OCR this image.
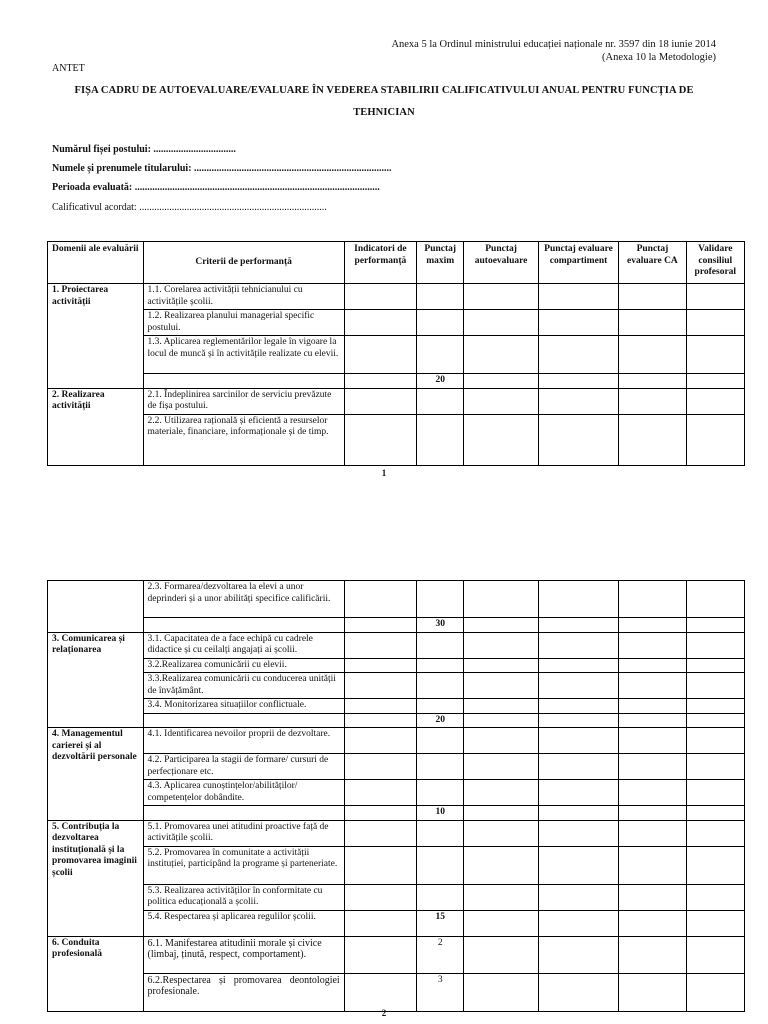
Anexa 5 la Ordinul ministrului educației naționale nr. 3597 din 18 iunie 2014
(Anexa 10 la Metodologie)
ANTET
FIȘA CADRU DE AUTOEVALUARE/EVALUARE ÎN VEDEREA STABILIRII CALIFICATIVULUI ANUAL PENTRU FUNCȚIA DE
TEHNICIAN
Numărul fișei postului: .................................
Numele și prenumele titularului: ...............................................................................
Perioada evaluată: ..................................................................................................
Calificativul acordat: ...........................................................................
Domenii ale evaluării	Criterii de performanță	Indicatori de performanță	Punctaj maxim	Punctaj autoevaluare	Punctaj evaluare compartiment	Punctaj evaluare CA	Validare consiliul profesoral
1. Proiectarea activității	1.1. Corelarea activității tehnicianului cu activitățile școlii.						
	1.2. Realizarea planului managerial specific postului.						
	1.3. Aplicarea reglementărilor legale în vigoare la locul de muncă și în activitățile realizate cu elevii.						
			20				
2. Realizarea activității	2.1. Îndeplinirea sarcinilor de serviciu prevăzute de fișa postului.						
	2.2. Utilizarea rațională și eficientă a resurselor materiale, financiare, informaționale și de timp.						
1
	2.3. Formarea/dezvoltarea la elevi a unor deprinderi și a unor abilități specifice calificării.						
			30				
3. Comunicarea și relaționarea	3.1. Capacitatea de a face echipă cu cadrele didactice și cu ceilalți angajați ai școlii.						
	3.2.Realizarea comunicării cu elevii.						
	3.3.Realizarea comunicării cu conducerea unității de învățământ.						
	3.4. Monitorizarea situațiilor conflictuale.						
			20				
4. Managementul carierei și al dezvoltării personale	4.1. Identificarea nevoilor proprii de dezvoltare.						
	4.2. Participarea la stagii de formare/ cursuri de perfecționare etc.						
	4.3. Aplicarea cunoștințelor/abilităților/ competențelor dobândite.						
			10				
5. Contribuția la dezvoltarea instituțională și la promovarea imaginii școlii	5.1. Promovarea unei atitudini proactive față de activitățile școlii.						
	5.2. Promovarea în comunitate a activității instituției, participând la programe și parteneriate.						
	5.3. Realizarea activităților în conformitate cu politica educațională a școlii.						
	5.4. Respectarea și aplicarea regulilor școlii.		15				
6. Conduita profesională	6.1. Manifestarea atitudinii morale și civice (limbaj, ținută, respect, comportament).		2				
	6.2.Respectarea și promovarea deontologiei profesionale.		3				
2
